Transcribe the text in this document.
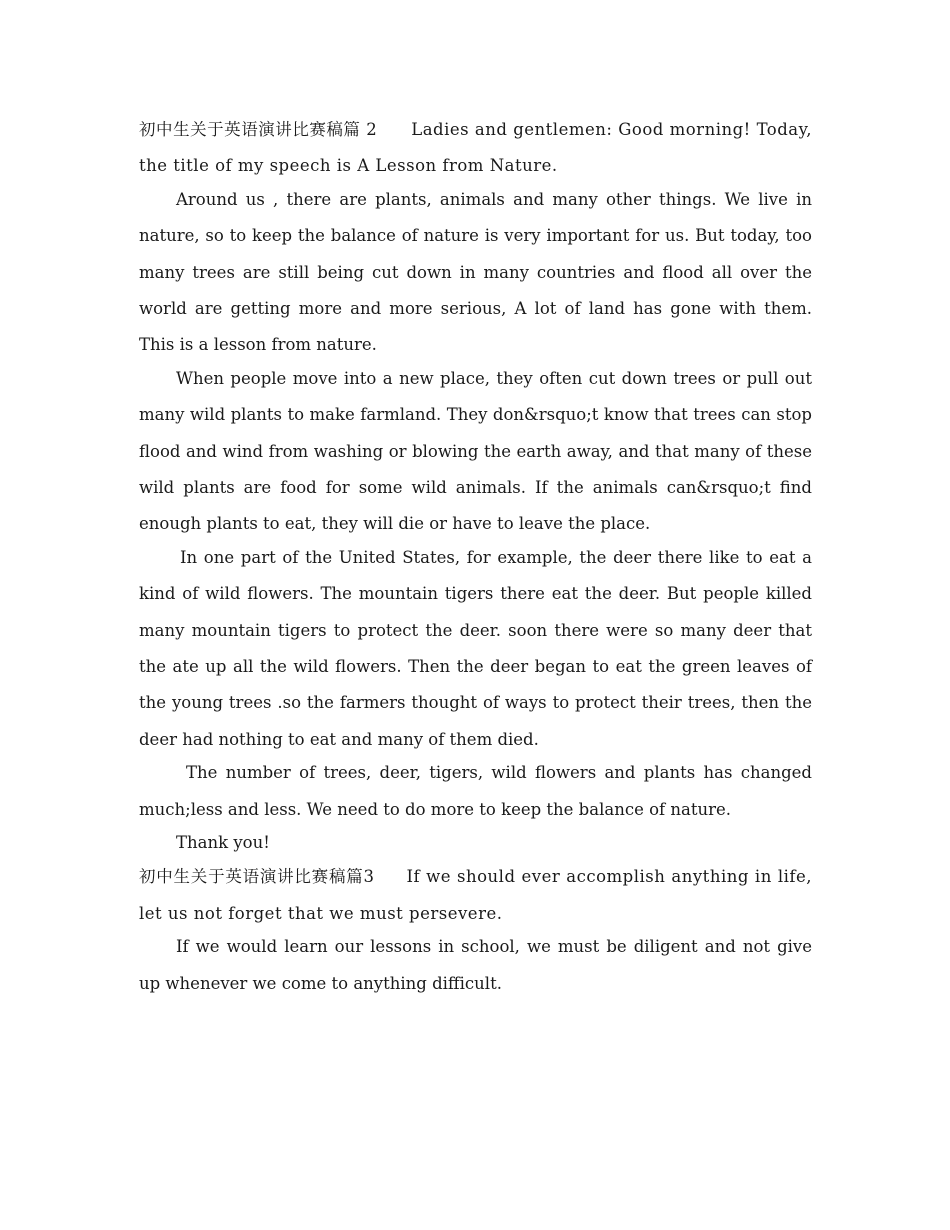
初中生关于英语演讲比赛稿篇 2 Ladies and gentlemen: Good morning! Today, the title of my speech is A Lesson from Nature.

Around us , there are plants, animals and many other things. We live in nature, so to keep the balance of nature is very important for us. But today, too many trees are still being cut down in many countries and flood all over the world are getting more and more serious, A lot of land has gone with them. This is a lesson from nature.

When people move into a new place, they often cut down trees or pull out many wild plants to make farmland. They don&rsquo;t know that trees can stop flood and wind from washing or blowing the earth away, and that many of these wild plants are food for some wild animals. If the animals can&rsquo;t find enough plants to eat, they will die or have to leave the place.

In one part of the United States, for example, the deer there like to eat a kind of wild flowers. The mountain tigers there eat the deer. But people killed many mountain tigers to protect the deer. soon there were so many deer that the ate up all the wild flowers. Then the deer began to eat the green leaves of the young trees .so the farmers thought of ways to protect their trees, then the deer had nothing to eat and many of them died.

The number of trees, deer, tigers, wild flowers and plants has changed much;less and less. We need to do more to keep the balance of nature.

Thank you!

初中生关于英语演讲比赛稿篇3 If we should ever accomplish anything in life, let us not forget that we must persevere.

If we would learn our lessons in school, we must be diligent and not give up whenever we come to anything difficult.
